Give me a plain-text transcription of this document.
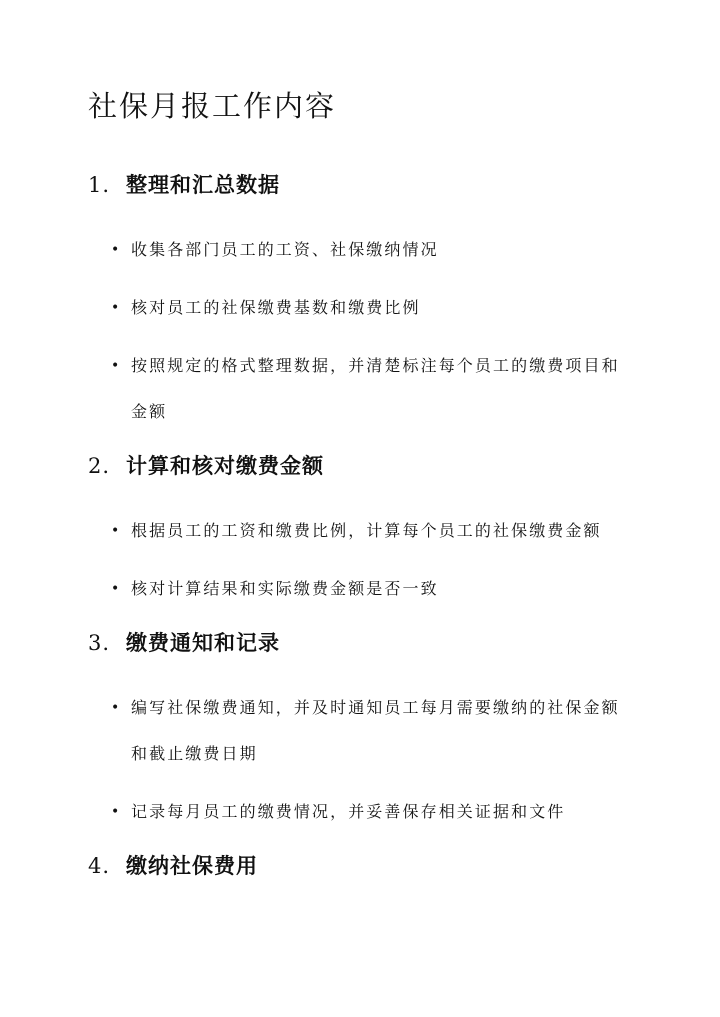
社保月报工作内容
1. 整理和汇总数据
• 收集各部门员工的工资、社保缴纳情况
• 核对员工的社保缴费基数和缴费比例
• 按照规定的格式整理数据，并清楚标注每个员工的缴费项目和金额
2. 计算和核对缴费金额
• 根据员工的工资和缴费比例，计算每个员工的社保缴费金额
• 核对计算结果和实际缴费金额是否一致
3. 缴费通知和记录
• 编写社保缴费通知，并及时通知员工每月需要缴纳的社保金额和截止缴费日期
• 记录每月员工的缴费情况，并妥善保存相关证据和文件
4. 缴纳社保费用
